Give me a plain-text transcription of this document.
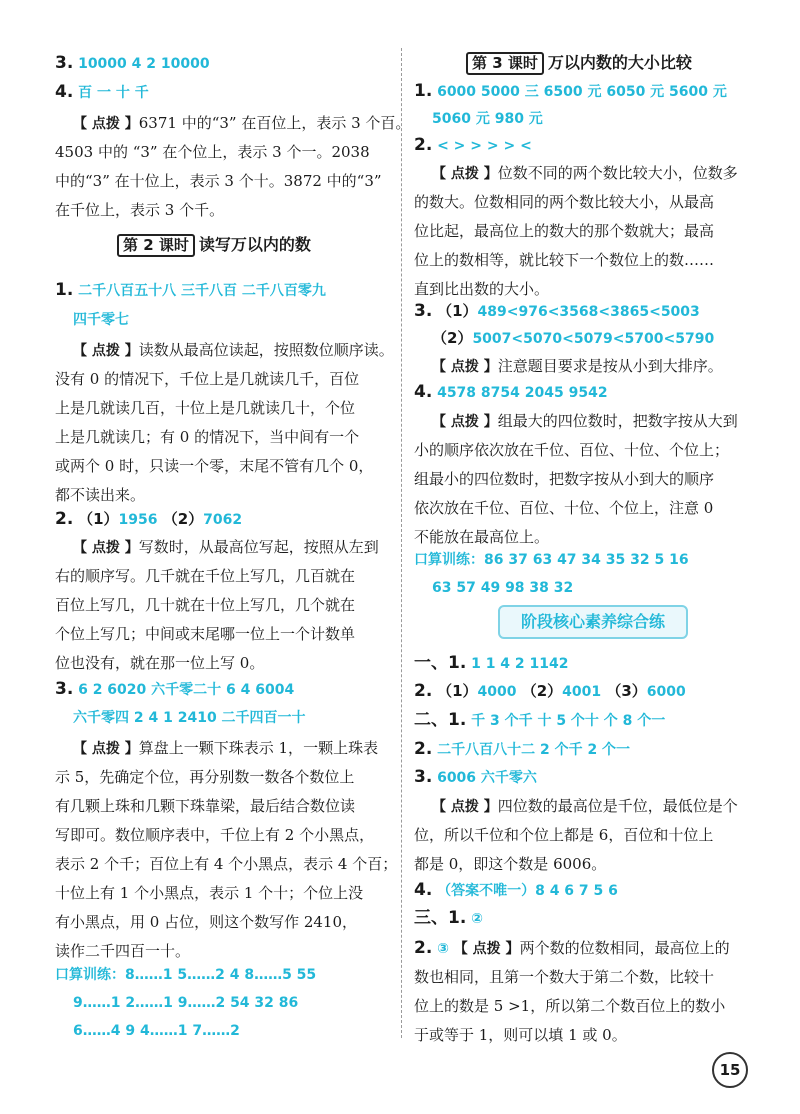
3. 10000 4 2 10000
4. 百 一 十 千
【 点拨 】6371 中的“3” 在百位上，表示 3 个百。
4503 中的 “3” 在个位上，表示 3 个一。2038
中的“3” 在十位上，表示 3 个十。3872 中的“3”
在千位上，表示 3 个千。
第 2 课时 读写万以内的数
1. 二千八百五十八 三千八百 二千八百零九
四千零七
【 点拨 】读数从最高位读起，按照数位顺序读。
没有 0 的情况下，千位上是几就读几千，百位
上是几就读几百，十位上是几就读几十，个位
上是几就读几；有 0 的情况下，当中间有一个
或两个 0 时，只读一个零，末尾不管有几个 0，
都不读出来。
2. （1）1956 （2）7062
【 点拨 】写数时，从最高位写起，按照从左到
右的顺序写。几千就在千位上写几，几百就在
百位上写几，几十就在十位上写几，几个就在
个位上写几；中间或末尾哪一位上一个计数单
位也没有，就在那一位上写 0。
3. 6 2 6020 六千零二十 6 4 6004
六千零四 2 4 1 2410 二千四百一十
【 点拨 】算盘上一颗下珠表示 1，一颗上珠表
示 5，先确定个位，再分别数一数各个数位上
有几颗上珠和几颗下珠靠梁，最后结合数位读
写即可。数位顺序表中，千位上有 2 个小黑点，
表示 2 个千；百位上有 4 个小黑点，表示 4 个百；
十位上有 1 个小黑点，表示 1 个十；个位上没
有小黑点，用 0 占位，则这个数写作 2410，
读作二千四百一十。
口算训练：8……1 5……2 4 8……5 55
9……1 2……1 9……2 54 32 86
6……4 9 4……1 7……2
第 3 课时 万以内数的大小比较
1. 6000 5000 三 6500 元 6050 元 5600 元
5060 元 980 元
2. < > > > > <
【 点拨 】位数不同的两个数比较大小，位数多
的数大。位数相同的两个数比较大小，从最高
位比起，最高位上的数大的那个数就大；最高
位上的数相等，就比较下一个数位上的数……
直到比出数的大小。
3. （1）489<976<3568<3865<5003
（2）5007<5070<5079<5700<5790
【 点拨 】注意题目要求是按从小到大排序。
4. 4578 8754 2045 9542
【 点拨 】组最大的四位数时，把数字按从大到
小的顺序依次放在千位、百位、十位、个位上；
组最小的四位数时，把数字按从小到大的顺序
依次放在千位、百位、十位、个位上，注意 0
不能放在最高位上。
口算训练：86 37 63 47 34 35 32 5 16
63 57 49 98 38 32
阶段核心素养综合练
一、1. 1 1 4 2 1142
2. （1）4000 （2）4001 （3）6000
二、1. 千 3 个千 十 5 个十 个 8 个一
2. 二千八百八十二 2 个千 2 个一
3. 6006 六千零六
【 点拨 】四位数的最高位是千位，最低位是个
位，所以千位和个位上都是 6，百位和十位上
都是 0，即这个数是 6006。
4. （答案不唯一）8 4 6 7 5 6
三、1. ②
2. ③ 【 点拨 】两个数的位数相同，最高位上的
数也相同，且第一个数大于第二个数，比较十
位上的数是 5 >1，所以第二个数百位上的数小
于或等于 1，则可以填 1 或 0。
15
